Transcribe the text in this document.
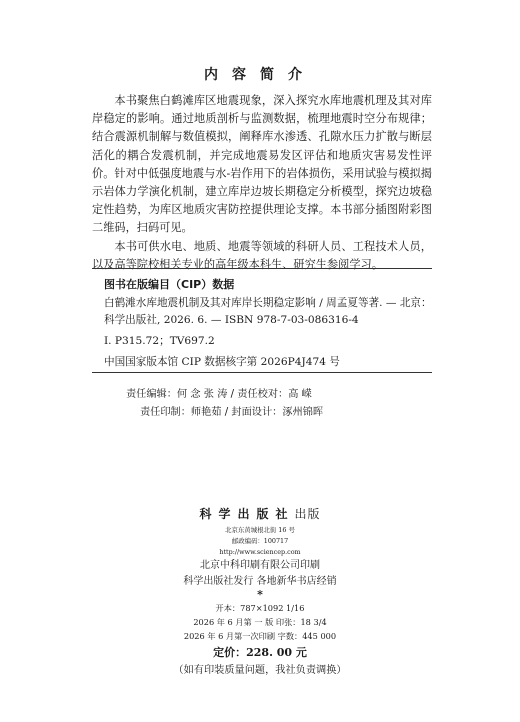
内容简介

本书聚焦白鹤滩库区地震现象，深入探究水库地震机理及其对库岸稳定的影响。通过地质剖析与监测数据，梳理地震时空分布规律；结合震源机制解与数值模拟，阐释库水渗透、孔隙水压力扩散与断层活化的耦合发震机制，并完成地震易发区评估和地质灾害易发性评价。针对中低强度地震与水-岩作用下的岩体损伤，采用试验与模拟揭示岩体力学演化机制，建立库岸边坡长期稳定分析模型，探究边坡稳定性趋势，为库区地质灾害防控提供理论支撑。本书部分插图附彩图二维码，扫码可见。

本书可供水电、地质、地震等领域的科研人员、工程技术人员，以及高等院校相关专业的高年级本科生、研究生参阅学习。

图书在版编目（CIP）数据
白鹤滩水库地震机制及其对库岸长期稳定影响 / 周孟夏等著. — 北京：
科学出版社, 2026. 6. — ISBN 978-7-03-086316-4
Ⅰ. P315.72；TV697.2
中国国家版本馆 CIP 数据核字第 2026P4J474 号
责任编辑：何 念 张 涛 / 责任校对：高 嵘
责任印制：师艳茹 / 封面设计：涿州锦晖
科学出版社出版
北京东黄城根北街 16 号
邮政编码：100717
http://www.sciencep.com
北京中科印刷有限公司印刷
科学出版社发行 各地新华书店经销
*
开本：787×1092 1/16
2026 年 6 月第 一 版 印张：18 3/4
2026 年 6 月第一次印刷 字数：445 000
定价：228. 00 元
（如有印装质量问题，我社负责调换）
